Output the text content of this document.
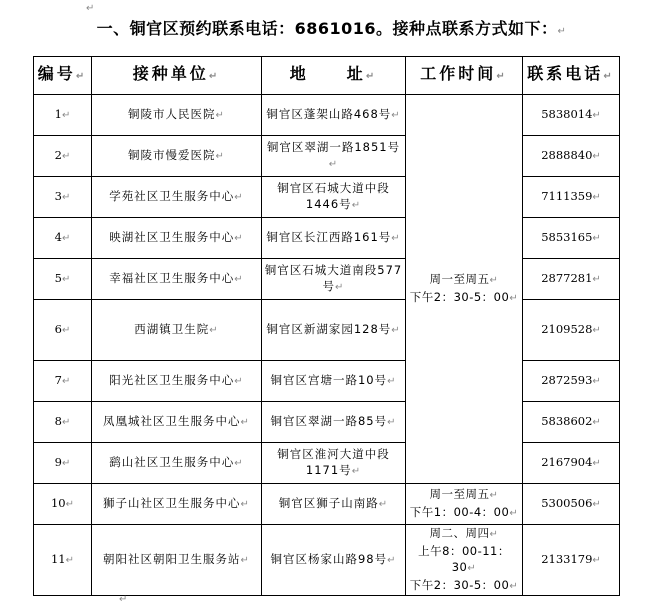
↵
一、铜官区预约联系电话：6861016。接种点联系方式如下：↵
编号↵	接种单位↵	地　　址↵	工作时间↵	联系电话↵
1↵	铜陵市人民医院↵	铜官区蓬架山路468号↵	周一至周五↵
下午2：30-5：00↵	5838014↵
2↵	铜陵市慢爱医院↵	铜官区翠湖一路1851号↵		2888840↵
3↵	学苑社区卫生服务中心↵	铜官区石城大道中段1446号↵		7111359↵
4↵	映湖社区卫生服务中心↵	铜官区长江西路161号↵		5853165↵
5↵	幸福社区卫生服务中心↵	铜官区石城大道南段577号↵		2877281↵
6↵	西湖镇卫生院↵	铜官区新湖家园128号↵		2109528↵
7↵	阳光社区卫生服务中心↵	铜官区宫塘一路10号↵		2872593↵
8↵	凤凰城社区卫生服务中心↵	铜官区翠湖一路85号↵		5838602↵
9↵	鹞山社区卫生服务中心↵	铜官区淮河大道中段1171号↵		2167904↵
10↵	狮子山社区卫生服务中心↵	铜官区狮子山南路↵	周一至周五↵
下午1：00-4：00↵	5300506↵
11↵	朝阳社区朝阳卫生服务站↵	铜官区杨家山路98号↵	周二、周四↵
上午8：00-11：30↵
下午2：30-5：00↵	2133179↵
↵
